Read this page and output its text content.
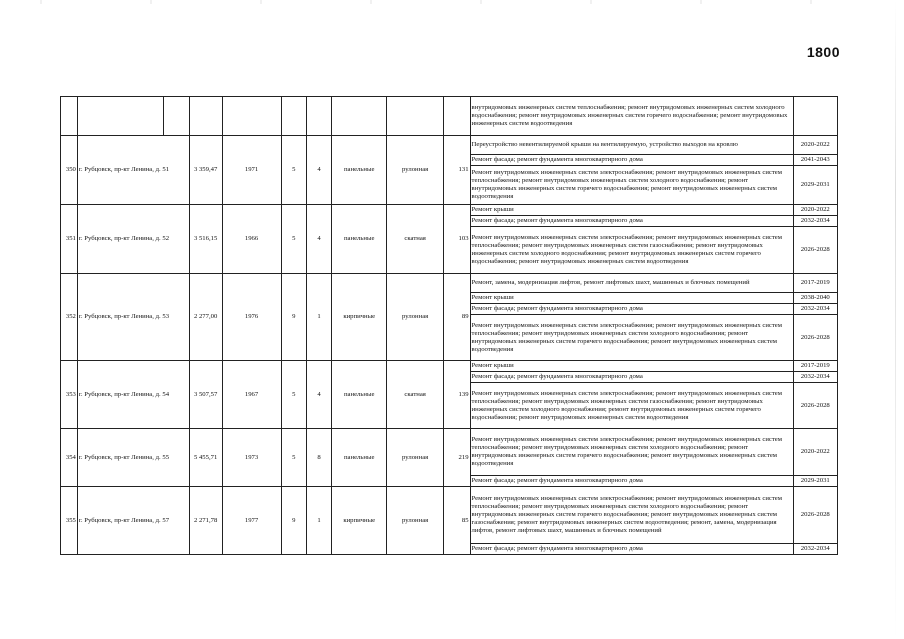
1800
										внутридомовых инженерных систем теплоснабжения; ремонт внутридомовых инженерных систем холодного водоснабжения; ремонт внутридомовых инженерных систем горячего водоснабжения; ремонт внутридомовых инженерных систем водоотведения	
350	г. Рубцовск, пр-кт Ленина, д. 51		3 359,47	1971	5	4	панельные	рулонная	131	Переустройство невентилируемой крыши на вентилируемую, устройство выходов на кровлю	2020-2022
										Ремонт фасада; ремонт фундамента многоквартирного дома	2041-2043
										Ремонт внутридомовых инженерных систем электроснабжения; ремонт внутридомовых инженерных систем теплоснабжения; ремонт внутридомовых инженерных систем холодного водоснабжения; ремонт внутридомовых инженерных систем горячего водоснабжения; ремонт внутридомовых инженерных систем водоотведения	2029-2031
351	г. Рубцовск, пр-кт Ленина, д. 52		3 516,15	1966	5	4	панельные	скатная	103	Ремонт крыши	2020-2022
										Ремонт фасада; ремонт фундамента многоквартирного дома	2032-2034
										Ремонт внутридомовых инженерных систем электроснабжения; ремонт внутридомовых инженерных систем теплоснабжения; ремонт внутридомовых инженерных систем газоснабжения; ремонт внутридомовых инженерных систем холодного водоснабжения; ремонт внутридомовых инженерных систем горячего водоснабжения; ремонт внутридомовых инженерных систем водоотведения	2026-2028
352	г. Рубцовск, пр-кт Ленина, д. 53		2 277,00	1976	9	1	кирпичные	рулонная	89	Ремонт, замена, модернизация лифтов, ремонт лифтовых шахт, машинных и блочных помещений	2017-2019
										Ремонт крыши	2038-2040
										Ремонт фасада; ремонт фундамента многоквартирного дома	2032-2034
										Ремонт внутридомовых инженерных систем электроснабжения; ремонт внутридомовых инженерных систем теплоснабжения; ремонт внутридомовых инженерных систем холодного водоснабжения; ремонт внутридомовых инженерных систем горячего водоснабжения; ремонт внутридомовых инженерных систем водоотведения	2026-2028
353	г. Рубцовск, пр-кт Ленина, д. 54		3 507,57	1967	5	4	панельные	скатная	139	Ремонт крыши	2017-2019
										Ремонт фасада; ремонт фундамента многоквартирного дома	2032-2034
										Ремонт внутридомовых инженерных систем электроснабжения; ремонт внутридомовых инженерных систем теплоснабжения; ремонт внутридомовых инженерных систем газоснабжения; ремонт внутридомовых инженерных систем холодного водоснабжения; ремонт внутридомовых инженерных систем горячего водоснабжения; ремонт внутридомовых инженерных систем водоотведения	2026-2028
354	г. Рубцовск, пр-кт Ленина, д. 55		5 455,71	1973	5	8	панельные	рулонная	219	Ремонт внутридомовых инженерных систем электроснабжения; ремонт внутридомовых инженерных систем теплоснабжения; ремонт внутридомовых инженерных систем холодного водоснабжения; ремонт внутридомовых инженерных систем горячего водоснабжения; ремонт внутридомовых инженерных систем водоотведения	2020-2022
										Ремонт фасада; ремонт фундамента многоквартирного дома	2029-2031
355	г. Рубцовск, пр-кт Ленина, д. 57		2 271,78	1977	9	1	кирпичные	рулонная	85	Ремонт внутридомовых инженерных систем электроснабжения; ремонт внутридомовых инженерных систем теплоснабжения; ремонт внутридомовых инженерных систем холодного водоснабжения; ремонт внутридомовых инженерных систем горячего водоснабжения; ремонт внутридомовых инженерных систем газоснабжения; ремонт внутридомовых инженерных систем водоотведения; ремонт, замена, модернизация лифтов, ремонт лифтовых шахт, машинных и блочных помещений	2026-2028
										Ремонт фасада; ремонт фундамента многоквартирного дома	2032-2034
